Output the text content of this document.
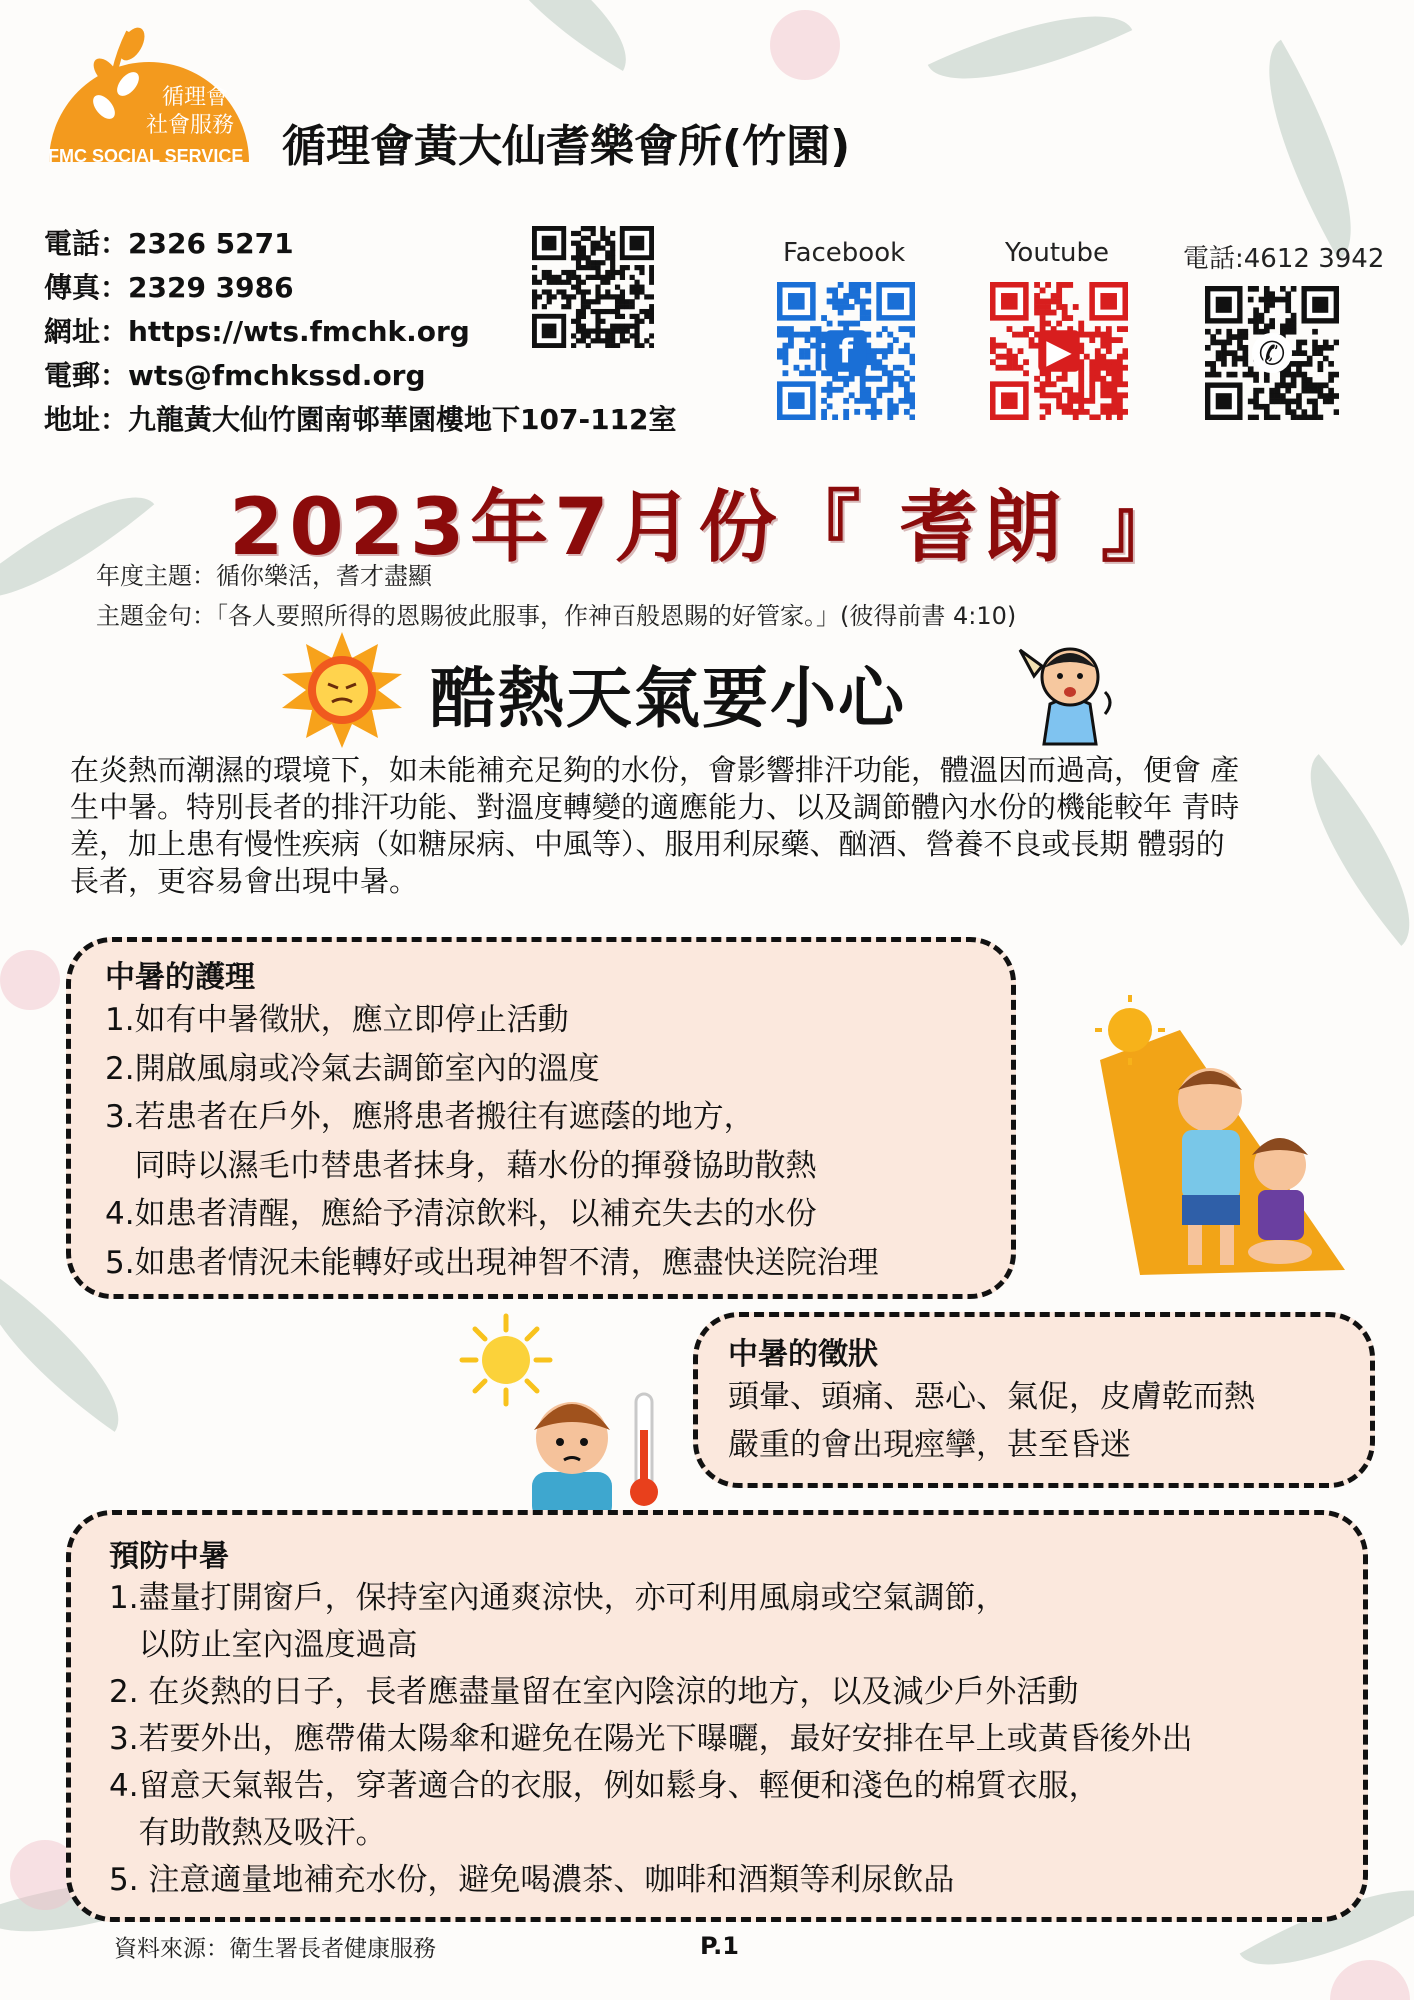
循理會
社會服務
FMC SOCIAL SERVICE 循理會黃大仙耆樂會所(竹園)
電話：2326 5271
傳真：2329 3986
網址：https://wts.fmchk.org
電郵：wts@fmchkssd.org
地址：九龍黃大仙竹園南邨華園樓地下107-112室
Facebook
f
Youtube
▶
電話:4612 3942
✆
2023年7月份『 耆朗 』
年度主題：循你樂活，耆才盡顯
主題金句：「各人要照所得的恩賜彼此服事，作神百般恩賜的好管家。」(彼得前書 4:10)
酷熱天氣要小心
在炎熱而潮濕的環境下，如未能補充足夠的水份，會影響排汗功能，體溫因而過高，便會 產
生中暑。特別長者的排汗功能、對溫度轉變的適應能力、以及調節體內水份的機能較年 青時
差，加上患有慢性疾病（如糖尿病、中風等）、服用利尿藥、酗酒、營養不良或長期 體弱的
長者，更容易會出現中暑。
中暑的護理
1.如有中暑徵狀，應立即停止活動
2.開啟風扇或冷氣去調節室內的溫度
3.若患者在戶外，應將患者搬往有遮蔭的地方，
同時以濕毛巾替患者抹身，藉水份的揮發協助散熱
4.如患者清醒，應給予清涼飲料，以補充失去的水份
5.如患者情況未能轉好或出現神智不清，應盡快送院治理
中暑的徵狀
頭暈、頭痛、惡心、氣促，皮膚乾而熱
嚴重的會出現痙攣，甚至昏迷
預防中暑
1.盡量打開窗戶，保持室內通爽涼快，亦可利用風扇或空氣調節，
以防止室內溫度過高
2. 在炎熱的日子，長者應盡量留在室內陰涼的地方，以及減少戶外活動
3.若要外出，應帶備太陽傘和避免在陽光下曝曬，最好安排在早上或黃昏後外出
4.留意天氣報告，穿著適合的衣服，例如鬆身、輕便和淺色的棉質衣服，
有助散熱及吸汗。
5. 注意適量地補充水份，避免喝濃茶、咖啡和酒類等利尿飲品
資料來源：衛生署長者健康服務	P.1
